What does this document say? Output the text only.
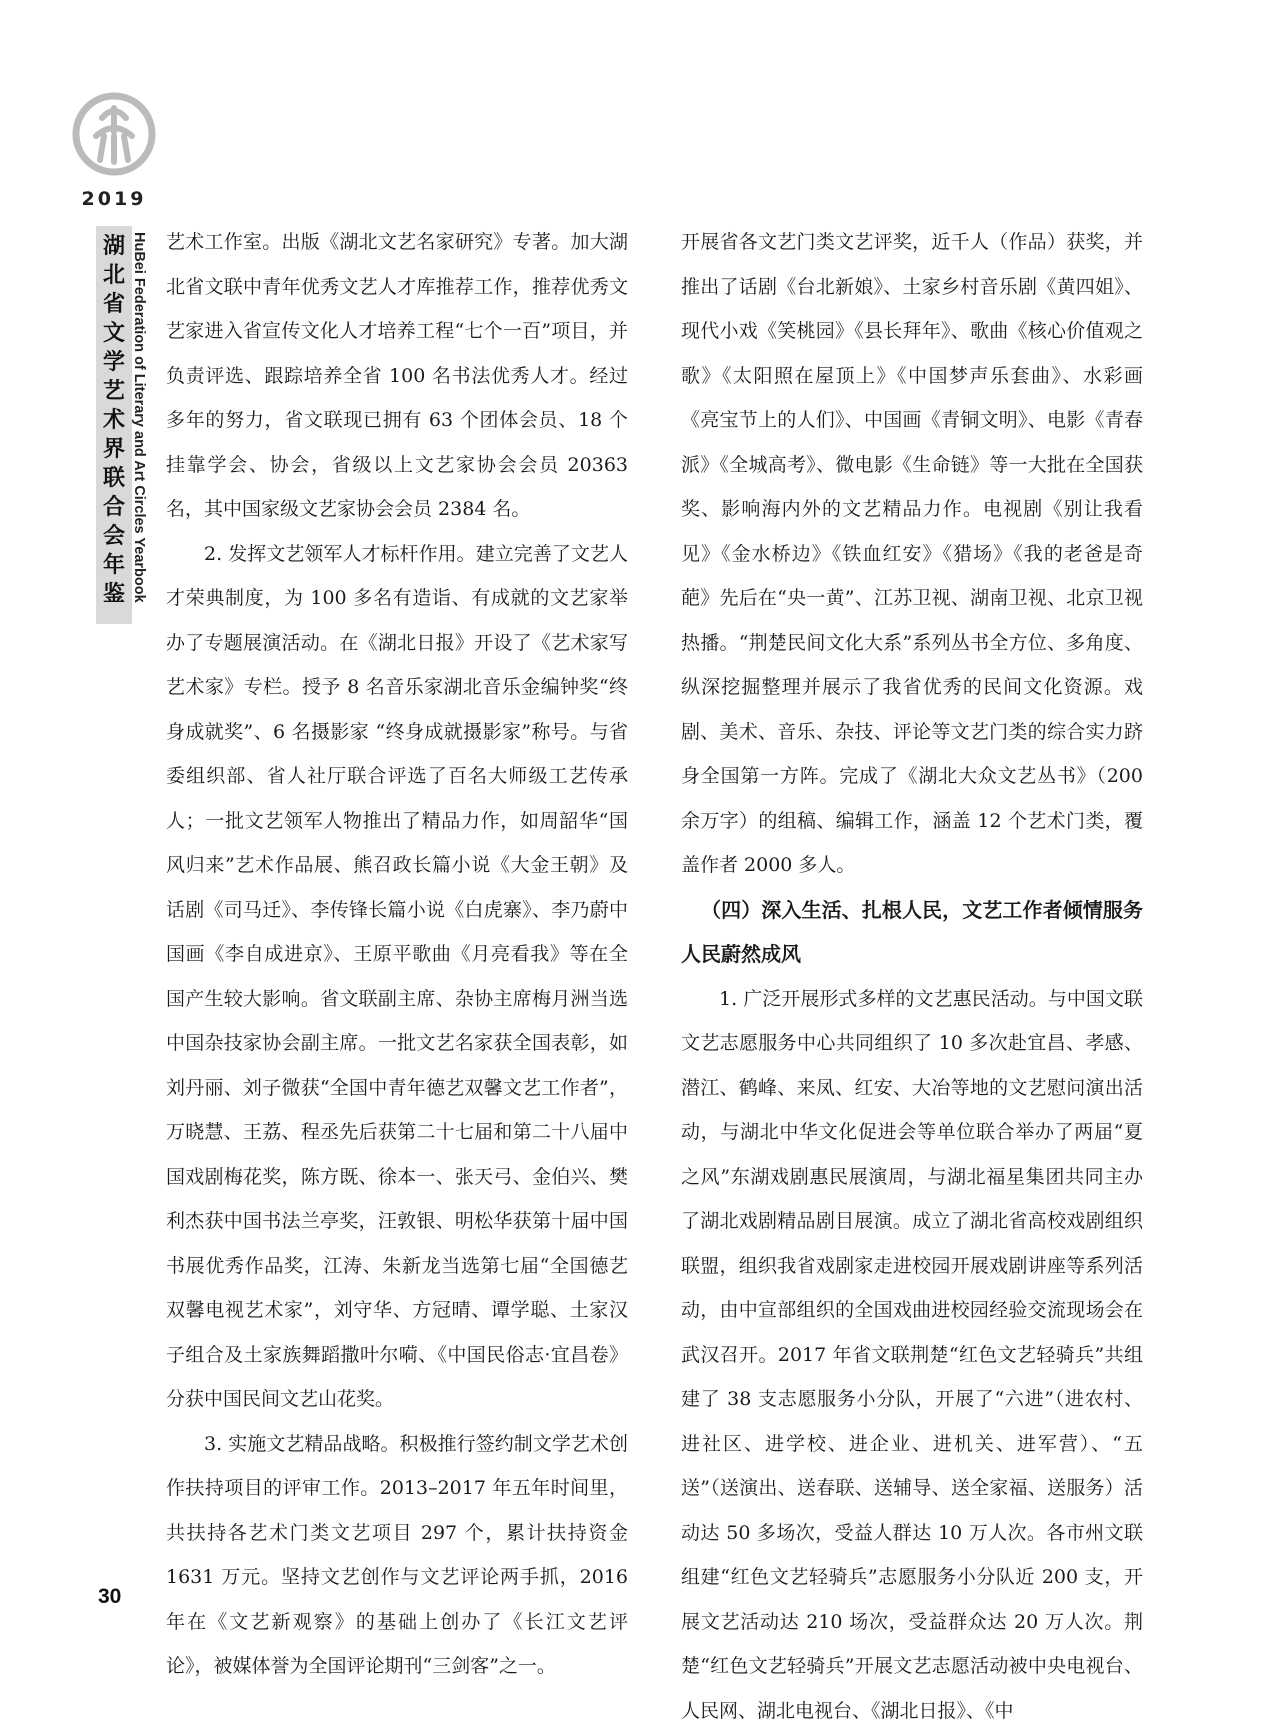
2019
湖
北
省
文
学
艺
术
界
联
合
会
年
鉴 HuBei Federation of Literary and Art Circles Yearbook 艺术工作室。出版《湖北文艺名家研究》专著。加大湖北省文联中青年优秀文艺人才库推荐工作，推荐优秀文艺家进入省宣传文化人才培养工程“七个一百”项目，并负责评选、跟踪培养全省 100 名书法优秀人才。经过多年的努力，省文联现已拥有 63 个团体会员、18 个挂靠学会、协会，省级以上文艺家协会会员 20363 名，其中国家级文艺家协会会员 2384 名。

2. 发挥文艺领军人才标杆作用。建立完善了文艺人才荣典制度，为 100 多名有造诣、有成就的文艺家举办了专题展演活动。在《湖北日报》开设了《艺术家写艺术家》专栏。授予 8 名音乐家湖北音乐金编钟奖“终身成就奖”、6 名摄影家 “终身成就摄影家”称号。与省委组织部、省人社厅联合评选了百名大师级工艺传承人；一批文艺领军人物推出了精品力作，如周韶华“国风归来”艺术作品展、熊召政长篇小说《大金王朝》及话剧《司马迁》、李传锋长篇小说《白虎寨》、李乃蔚中国画《李自成进京》、王原平歌曲《月亮看我》等在全国产生较大影响。省文联副主席、杂协主席梅月洲当选中国杂技家协会副主席。一批文艺名家获全国表彰，如刘丹丽、刘子微获“全国中青年德艺双馨文艺工作者”，万晓慧、王荔、程丞先后获第二十七届和第二十八届中国戏剧梅花奖，陈方既、徐本一、张天弓、金伯兴、樊利杰获中国书法兰亭奖，汪敦银、明松华获第十届中国书展优秀作品奖，江涛、朱新龙当选第七届“全国德艺双馨电视艺术家”，刘守华、方冠晴、谭学聪、土家汉子组合及土家族舞蹈撒叶尔嗬、《中国民俗志·宜昌卷》分获中国民间文艺山花奖。

3. 实施文艺精品战略。积极推行签约制文学艺术创作扶持项目的评审工作。2013–2017 年五年时间里，共扶持各艺术门类文艺项目 297 个，累计扶持资金 1631 万元。坚持文艺创作与文艺评论两手抓，2016 年在《文艺新观察》的基础上创办了《长江文艺评论》，被媒体誉为全国评论期刊“三剑客”之一。

开展省各文艺门类文艺评奖，近千人（作品）获奖，并推出了话剧《台北新娘》、土家乡村音乐剧《黄四姐》、现代小戏《笑桃园》《县长拜年》、歌曲《核心价值观之歌》《太阳照在屋顶上》《中国梦声乐套曲》、水彩画《亮宝节上的人们》、中国画《青铜文明》、电影《青春派》《全城高考》、微电影《生命链》等一大批在全国获奖、影响海内外的文艺精品力作。电视剧《别让我看见》《金水桥边》《铁血红安》《猎场》《我的老爸是奇葩》先后在“央一黄”、江苏卫视、湖南卫视、北京卫视热播。“荆楚民间文化大系”系列丛书全方位、多角度、纵深挖掘整理并展示了我省优秀的民间文化资源。戏剧、美术、音乐、杂技、评论等文艺门类的综合实力跻身全国第一方阵。完成了《湖北大众文艺丛书》（200 余万字）的组稿、编辑工作，涵盖 12 个艺术门类，覆盖作者 2000 多人。

（四）深入生活、扎根人民，文艺工作者倾情服务人民蔚然成风

1. 广泛开展形式多样的文艺惠民活动。与中国文联文艺志愿服务中心共同组织了 10 多次赴宜昌、孝感、潜江、鹤峰、来凤、红安、大冶等地的文艺慰问演出活动，与湖北中华文化促进会等单位联合举办了两届“夏之风”东湖戏剧惠民展演周，与湖北福星集团共同主办了湖北戏剧精品剧目展演。成立了湖北省高校戏剧组织联盟，组织我省戏剧家走进校园开展戏剧讲座等系列活动，由中宣部组织的全国戏曲进校园经验交流现场会在武汉召开。2017 年省文联荆楚“红色文艺轻骑兵”共组建了 38 支志愿服务小分队，开展了“六进”（进农村、进社区、进学校、进企业、进机关、进军营）、“五送”（送演出、送春联、送辅导、送全家福、送服务）活动达 50 多场次，受益人群达 10 万人次。各市州文联组建“红色文艺轻骑兵”志愿服务小分队近 200 支，开展文艺活动达 210 场次，受益群众达 20 万人次。荆楚“红色文艺轻骑兵”开展文艺志愿活动被中央电视台、人民网、湖北电视台、《湖北日报》、《中

30
